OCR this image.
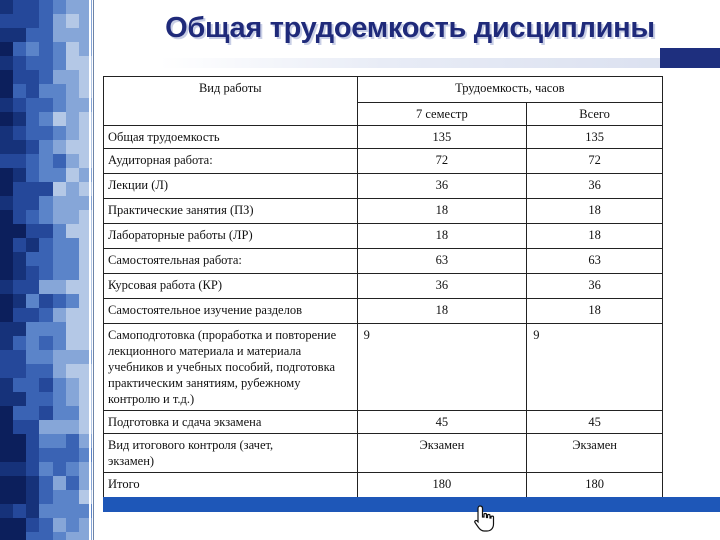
Общая трудоемкость дисциплины
Вид работы	Трудоемкость, часов	
	7 семестр	Всего
Общая трудоемкость	135	135
Аудиторная работа:	72	72
Лекции (Л)	36	36
Практические занятия (ПЗ)	18	18
Лабораторные работы (ЛР)	18	18
Самостоятельная работа:	63	63
Курсовая работа (КР)	36	36
Самостоятельное изучение разделов	18	18
Самоподготовка (проработка и повторение лекционного материала и материала учебников и учебных пособий, подготовка практическим занятиям, рубежному контролю и т.д.)	9	9
Подготовка и сдача экзамена	45	45
Вид итогового контроля (зачет, экзамен)	Экзамен	Экзамен
Итого	180	180
